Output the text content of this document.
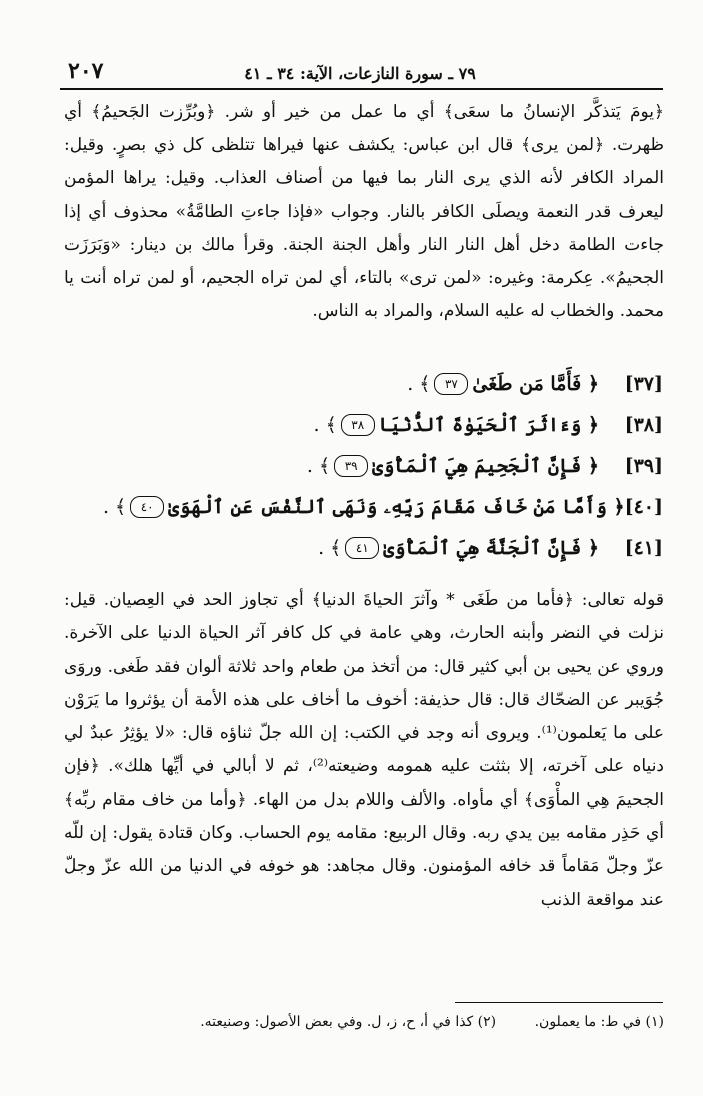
٢٠٧	٧٩ ـ سورة النازعات، الآية: ٣٤ ـ ٤١
﴿يومَ يَتذكَّر الإنسانُ ما سعَى﴾ أي ما عمل من خير أو شر. ﴿وبُرِّزت الجَحيمُ﴾ أي ظهرت. ﴿لمن يرى﴾ قال ابن عباس: يكشف عنها فيراها تتلظى كل ذي بصرٍ. وقيل: المراد الكافر لأنه الذي يرى النار بما فيها من أصناف العذاب. وقيل: يراها المؤمن ليعرف قدر النعمة ويصلَى الكافر بالنار. وجواب «فإذا جاءتِ الطامَّةُ» محذوف أي إذا جاءت الطامة دخل أهل النار النار وأهل الجنة الجنة. وقرأ مالك بن دينار: «وَبَرَزَت الجحيمُ». عِكرمة: وغيره: «لمن ترى» بالتاء، أي لمن تراه الجحيم، أو لمن تراه أنت يا محمد. والخطاب له عليه السلام، والمراد به الناس.
[٣٧]
﴿ فَأَمَّا مَن طَغَىٰ
٣٧
﴾ .
[٣٨]
﴿ وَءَاثَرَ ٱلْحَيَوٰةَ ٱلدُّنْيَا
٣٨
﴾ .
[٣٩]
﴿ فَإِنَّ ٱلْجَحِيمَ هِيَ ٱلْمَأْوَىٰ
٣٩
﴾ .
[٤٠]
﴿ وَأَمَّا مَنْ خَافَ مَقَامَ رَبِّهِۦ وَنَهَى ٱلنَّفْسَ عَنِ ٱلْهَوَىٰ
٤٠
﴾ .
[٤١]
﴿ فَإِنَّ ٱلْجَنَّةَ هِيَ ٱلْمَأْوَىٰ
٤١
﴾ .
قوله تعالى: ﴿فأما من طَغَى * وآثرَ الحياةَ الدنيا﴾ أي تجاوز الحد في العِصيان. قيل: نزلت في النضر وأبنه الحارث، وهي عامة في كل كافر آثر الحياة الدنيا على الآخرة. وروي عن يحيى بن أبي كثير قال: من أتخذ من طعام واحد ثلاثة ألوان فقد طَغى. وروَى جُوَيبر عن الضحّاك قال: قال حذيفة: أخوف ما أخاف على هذه الأمة أن يؤثروا ما يَرَوْن على ما يَعلمون⁽¹⁾. ويروى أنه وجد في الكتب: إن الله جلّ ثناؤه قال: «لا يؤثِرُ عبدٌ لي دنياه على آخرته، إلا بثثت عليه همومه وضيعته⁽²⁾، ثم لا أبالي في أيِّها هلك». ﴿فإن الجحيمَ هِي المأْوَى﴾ أي مأواه. والألف واللام بدل من الهاء. ﴿وأما من خاف مقام ربِّه﴾ أي حَذِر مقامه بين يدي ربه. وقال الربيع: مقامه يوم الحساب. وكان قتادة يقول: إن للّه عزّ وجلّ مَقاماً قد خافه المؤمنون. وقال مجاهد: هو خوفه في الدنيا من الله عزّ وجلّ عند مواقعة الذنب
(١) في ط: ما يعملون. (٢) كذا في أ، ح، ز، ل. وفي بعض الأصول: وصنيعته.
